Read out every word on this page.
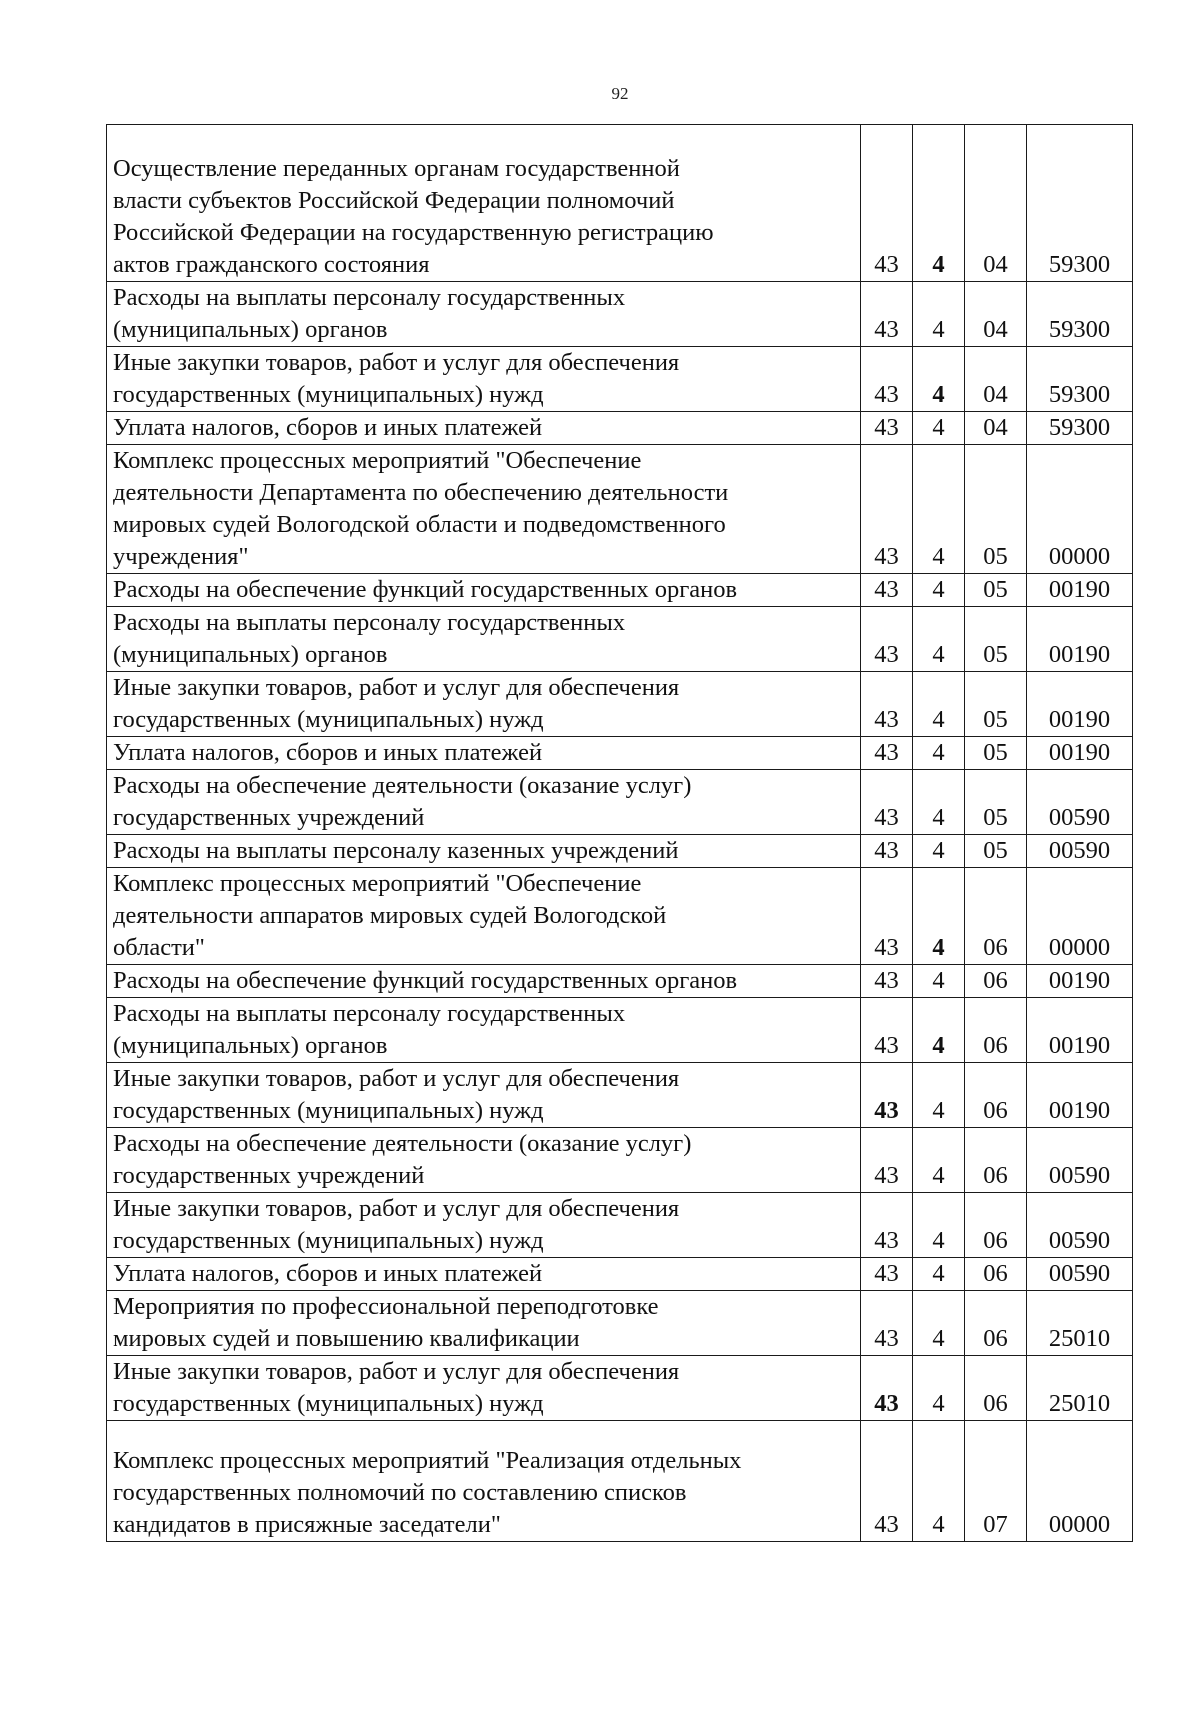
92
Осуществление переданных органам государственной
власти субъектов Российской Федерации полномочий
Российской Федерации на государственную регистрацию
актов гражданского состояния	43	4	04	59300
Расходы на выплаты персоналу государственных
(муниципальных) органов	43	4	04	59300
Иные закупки товаров, работ и услуг для обеспечения
государственных (муниципальных) нужд	43	4	04	59300
Уплата налогов, сборов и иных платежей	43	4	04	59300
Комплекс процессных мероприятий "Обеспечение
деятельности Департамента по обеспечению деятельности
мировых судей Вологодской области и подведомственного
учреждения"	43	4	05	00000
Расходы на обеспечение функций государственных органов	43	4	05	00190
Расходы на выплаты персоналу государственных
(муниципальных) органов	43	4	05	00190
Иные закупки товаров, работ и услуг для обеспечения
государственных (муниципальных) нужд	43	4	05	00190
Уплата налогов, сборов и иных платежей	43	4	05	00190
Расходы на обеспечение деятельности (оказание услуг)
государственных учреждений	43	4	05	00590
Расходы на выплаты персоналу казенных учреждений	43	4	05	00590
Комплекс процессных мероприятий "Обеспечение
деятельности аппаратов мировых судей Вологодской
области"	43	4	06	00000
Расходы на обеспечение функций государственных органов	43	4	06	00190
Расходы на выплаты персоналу государственных
(муниципальных) органов	43	4	06	00190
Иные закупки товаров, работ и услуг для обеспечения
государственных (муниципальных) нужд	43	4	06	00190
Расходы на обеспечение деятельности (оказание услуг)
государственных учреждений	43	4	06	00590
Иные закупки товаров, работ и услуг для обеспечения
государственных (муниципальных) нужд	43	4	06	00590
Уплата налогов, сборов и иных платежей	43	4	06	00590
Мероприятия по профессиональной переподготовке
мировых судей и повышению квалификации	43	4	06	25010
Иные закупки товаров, работ и услуг для обеспечения
государственных (муниципальных) нужд	43	4	06	25010
Комплекс процессных мероприятий "Реализация отдельных
государственных полномочий по составлению списков
кандидатов в присяжные заседатели"	43	4	07	00000
